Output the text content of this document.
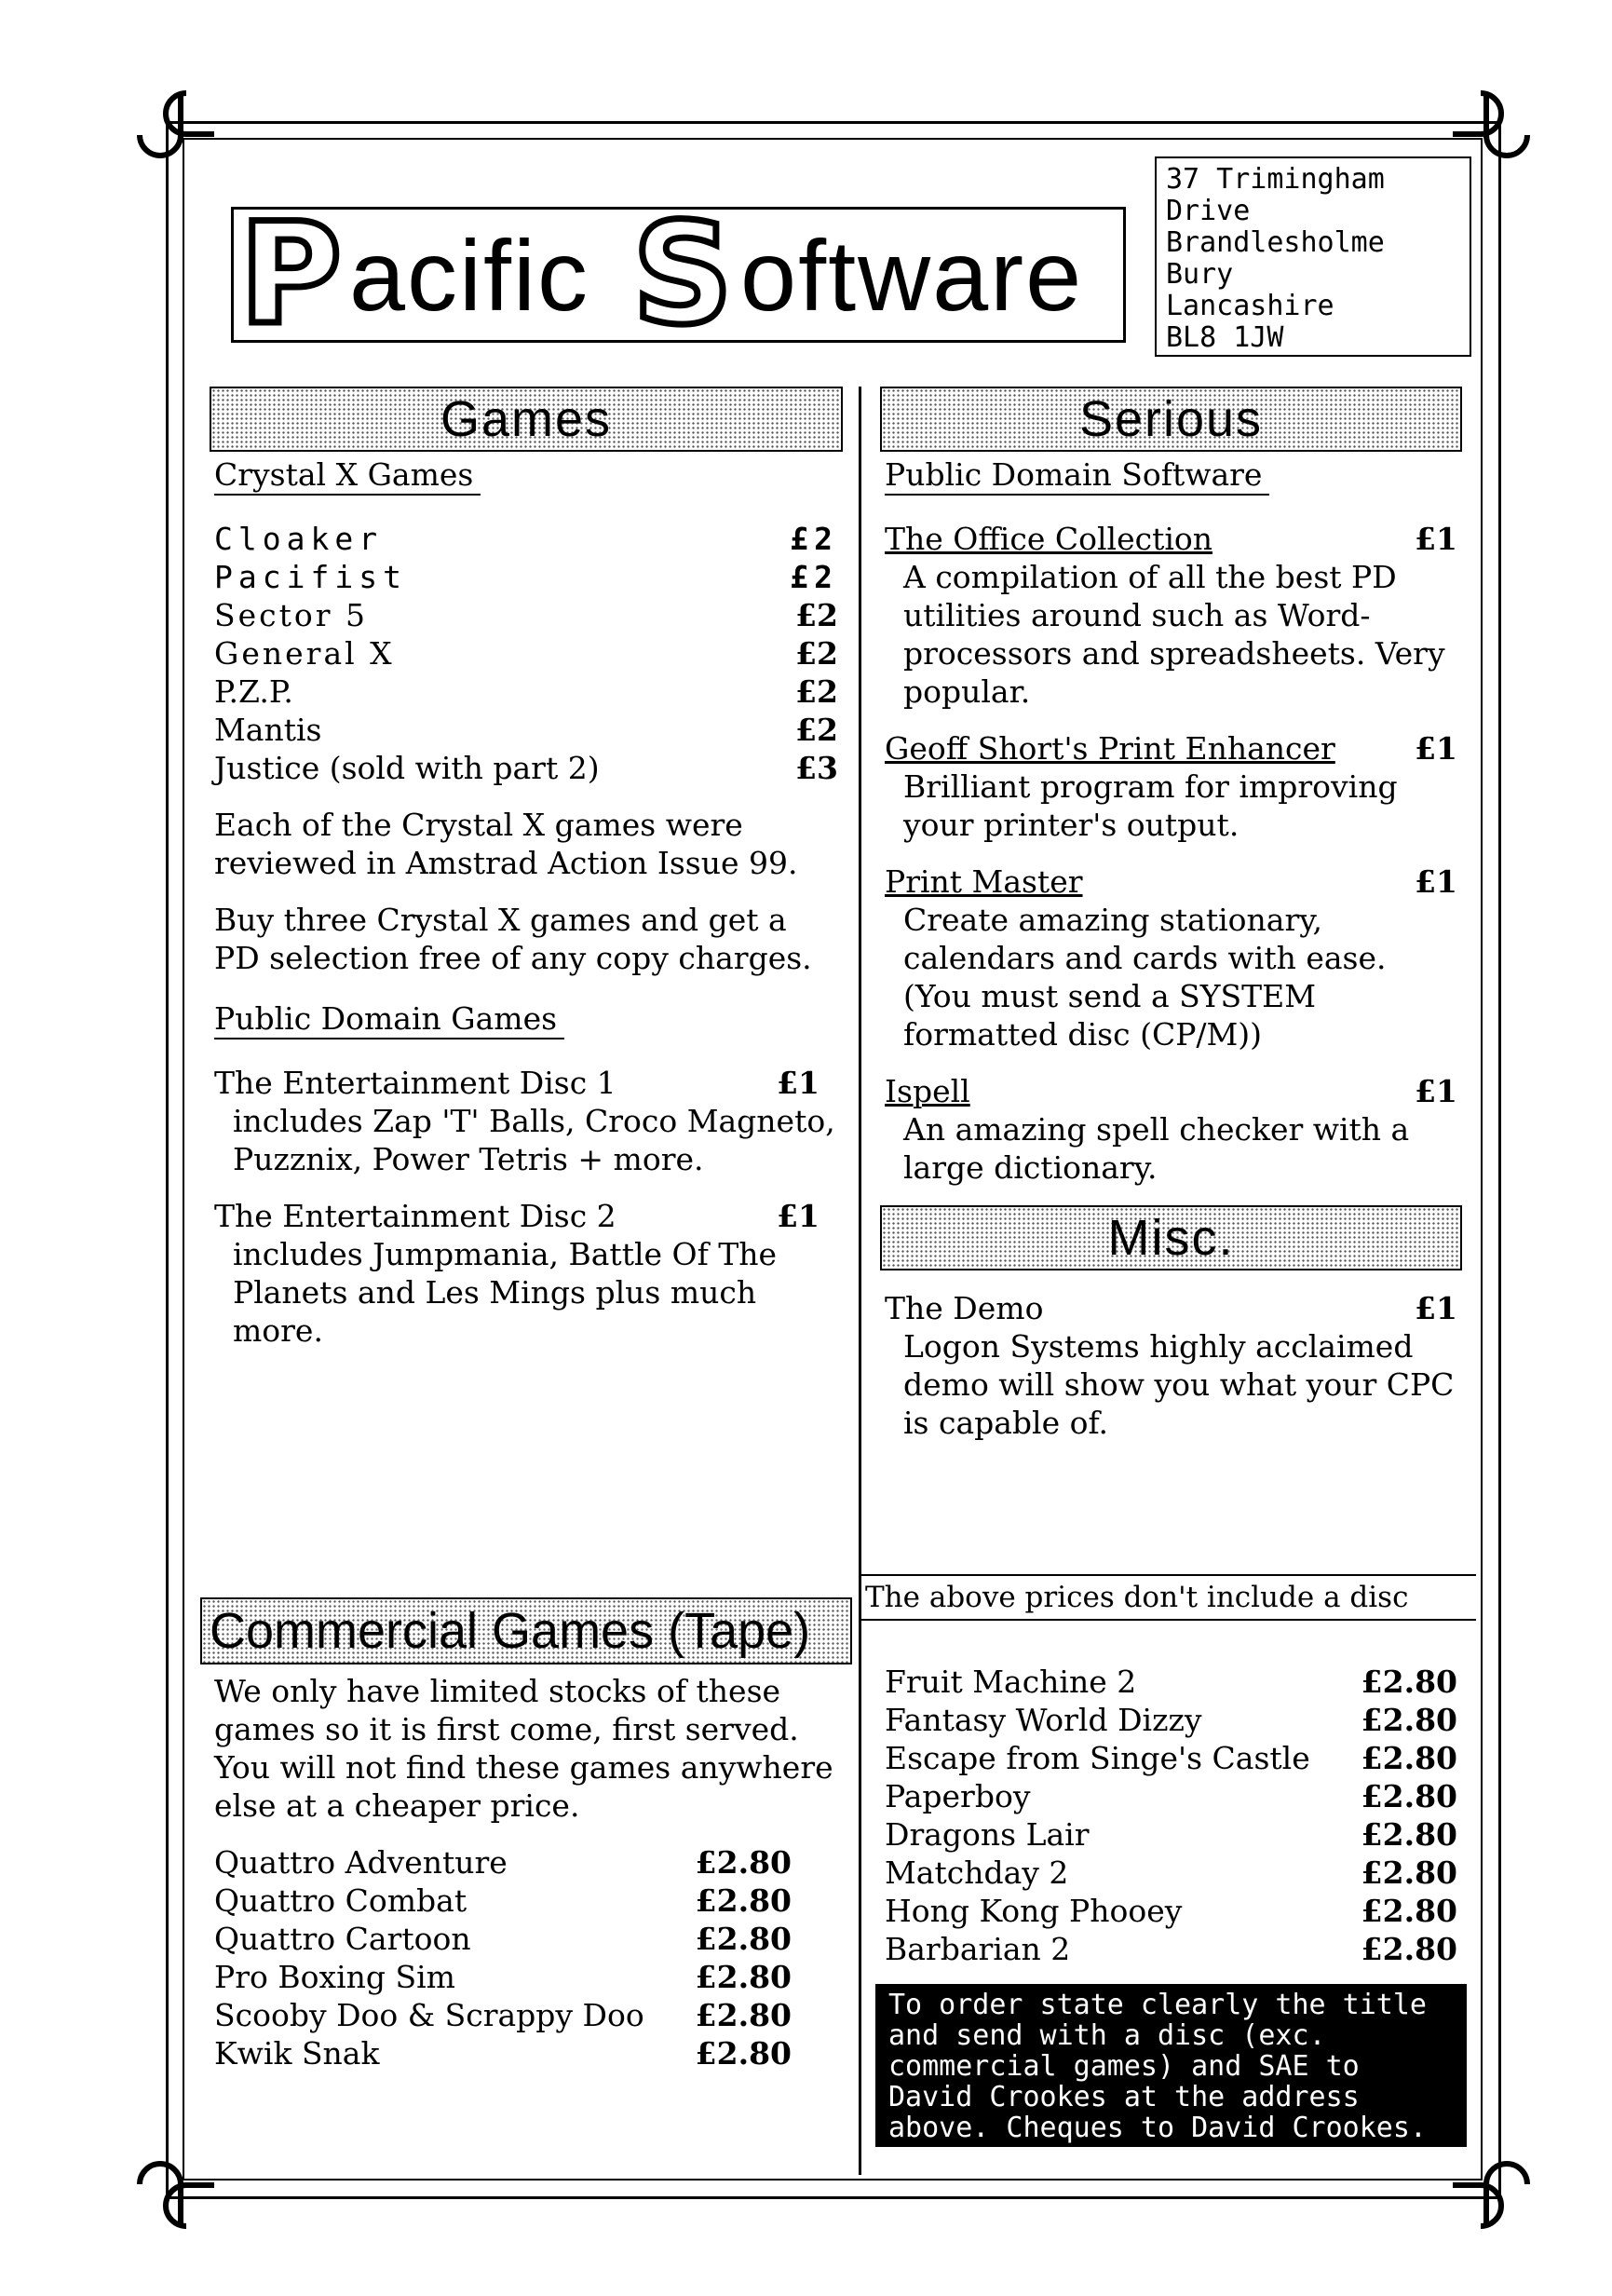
P acific S oftware
37 Trimingham
Drive
Brandlesholme
Bury
Lancashire
BL8 1JW
Games
Crystal X Games
Cloaker	£2
Pacifist	£2
Sector 5	£2
General X	£2
P.Z.P.	£2
Mantis	£2
Justice (sold with part 2)	£3
Each of the Crystal X games were reviewed in Amstrad Action Issue 99.
Buy three Crystal X games and get a PD selection free of any copy charges.
Public Domain Games
The Entertainment Disc 1	£1
includes Zap 'T' Balls, Croco Magneto, Puzznix, Power Tetris + more.
The Entertainment Disc 2	£1
includes Jumpmania, Battle Of The Planets and Les Mings plus much more.
Commercial Games (Tape)
We only have limited stocks of these games so it is first come, first served. You will not find these games anywhere else at a cheaper price.
Quattro Adventure	£2.80
Quattro Combat	£2.80
Quattro Cartoon	£2.80
Pro Boxing Sim	£2.80
Scooby Doo & Scrappy Doo £2.80
Kwik Snak	£2.80
Serious
Public Domain Software
The Office Collection	£1
A compilation of all the best PD utilities around such as Word-processors and spreadsheets. Very popular.
Geoff Short's Print Enhancer	£1
Brilliant program for improving your printer's output.
Print Master	£1
Create amazing stationary, calendars and cards with ease. (You must send a SYSTEM formatted disc (CP/M))
Ispell	£1
An amazing spell checker with a large dictionary.
Misc.
The Demo	£1
Logon Systems highly acclaimed demo will show you what your CPC is capable of.
The above prices don't include a disc
Fruit Machine 2	£2.80
Fantasy World Dizzy	£2.80
Escape from Singe's Castle £2.80
Paperboy	£2.80
Dragons Lair	£2.80
Matchday 2	£2.80
Hong Kong Phooey	£2.80
Barbarian 2	£2.80
To order state clearly the title and send with a disc (exc. commercial games) and SAE to David Crookes at the address above. Cheques to David Crookes.
